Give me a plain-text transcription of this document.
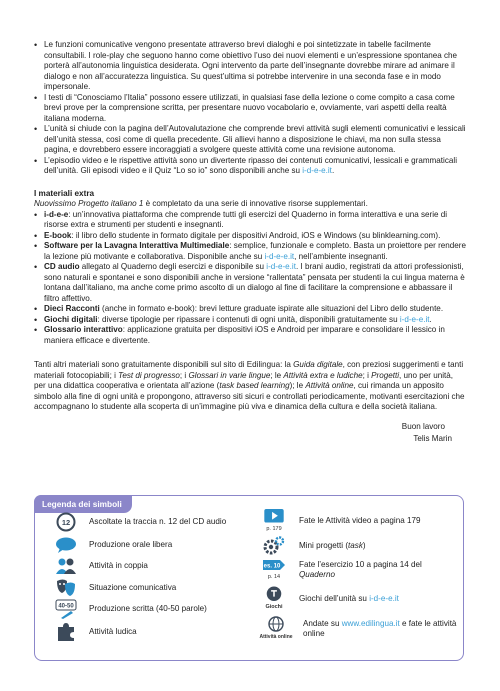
• Le funzioni comunicative vengono presentate attraverso brevi dialoghi e poi sintetizzate in tabelle facilmente consultabili. I role-play che seguono hanno come obiettivo l’uso dei nuovi elementi e un’espressione spontanea che porterà all’autonomia linguistica desiderata. Ogni intervento da parte dell’insegnante dovrebbe mirare ad animare il dialogo e non all’accuratezza linguistica. Su quest’ultima si potrebbe intervenire in una seconda fase e in modo impersonale.
• I testi di “Conosciamo l’Italia” possono essere utilizzati, in qualsiasi fase della lezione o come compito a casa come brevi prove per la comprensione scritta, per presentare nuovo vocabolario e, ovviamente, vari aspetti della realtà italiana moderna.
• L’unità si chiude con la pagina dell’Autovalutazione che comprende brevi attività sugli elementi comunicativi e lessicali dell’unità stessa, così come di quella precedente. Gli allievi hanno a disposizione le chiavi, ma non sulla stessa pagina, e dovrebbero essere incoraggiati a svolgere queste attività come una revisione autonoma.
• L’episodio video e le rispettive attività sono un divertente ripasso dei contenuti comunicativi, lessicali e grammaticali dell’unità. Gli episodi video e il Quiz “Lo so io” sono disponibili anche su i-d-e-e.it.
I materiali extra
Nuovissimo Progetto italiano 1 è completato da una serie di innovative risorse supplementari.
• i-d-e-e: un’innovativa piattaforma che comprende tutti gli esercizi del Quaderno in forma interattiva e una serie di risorse extra e strumenti per studenti e insegnanti.
• E-book: il libro dello studente in formato digitale per dispositivi Android, iOS e Windows (su blinklearning.com).
• Software per la Lavagna Interattiva Multimediale: semplice, funzionale e completo. Basta un proiettore per rendere la lezione più motivante e collaborativa. Disponibile anche su i-d-e-e.it, nell’ambiente insegnanti.
• CD audio allegato al Quaderno degli esercizi e disponibile su i-d-e-e.it. I brani audio, registrati da attori professionisti, sono naturali e spontanei e sono disponibili anche in versione “rallentata” pensata per studenti la cui lingua materna è lontana dall’italiano, ma anche come primo ascolto di un dialogo al fine di facilitare la comprensione e abbassare il filtro affettivo.
• Dieci Racconti (anche in formato e-book): brevi letture graduate ispirate alle situazioni del Libro dello studente.
• Giochi digitali: diverse tipologie per ripassare i contenuti di ogni unità, disponibili gratuitamente su i-d-e-e.it.
• Glossario interattivo: applicazione gratuita per dispositivi iOS e Android per imparare e consolidare il lessico in maniera efficace e divertente.
Tanti altri materiali sono gratuitamente disponibili sul sito di Edilingua: la Guida digitale, con preziosi suggerimenti e tanti materiali fotocopiabili; i Test di progresso; i Glossari in varie lingue; le Attività extra e ludiche; i Progetti, uno per unità, per una didattica cooperativa e orientata all’azione (task based learning); le Attività online, cui rimanda un apposito simbolo alla fine di ogni unità e propongono, attraverso siti sicuri e controllati periodicamente, motivanti esercitazioni che accompagnano lo studente alla scoperta di un’immagine più viva e dinamica della cultura e della società italiana.
Buon lavoro
Telis Marin
Legenda dei simboli
12 Ascoltate la traccia n. 12 del CD audio
Produzione orale libera
Attività in coppia
Situazione comunicativa
40-50 Produzione scritta (40-50 parole)
Attività ludica
p. 179
Fate le Attività video a pagina 179
Mini progetti (task)
es. 10
p. 14
Fate l’esercizio 10 a pagina 14 del
Quaderno
Giochi
Giochi dell’unità su i-d-e-e.it
Attività online
Andate su www.edilingua.it e fate le attività online
